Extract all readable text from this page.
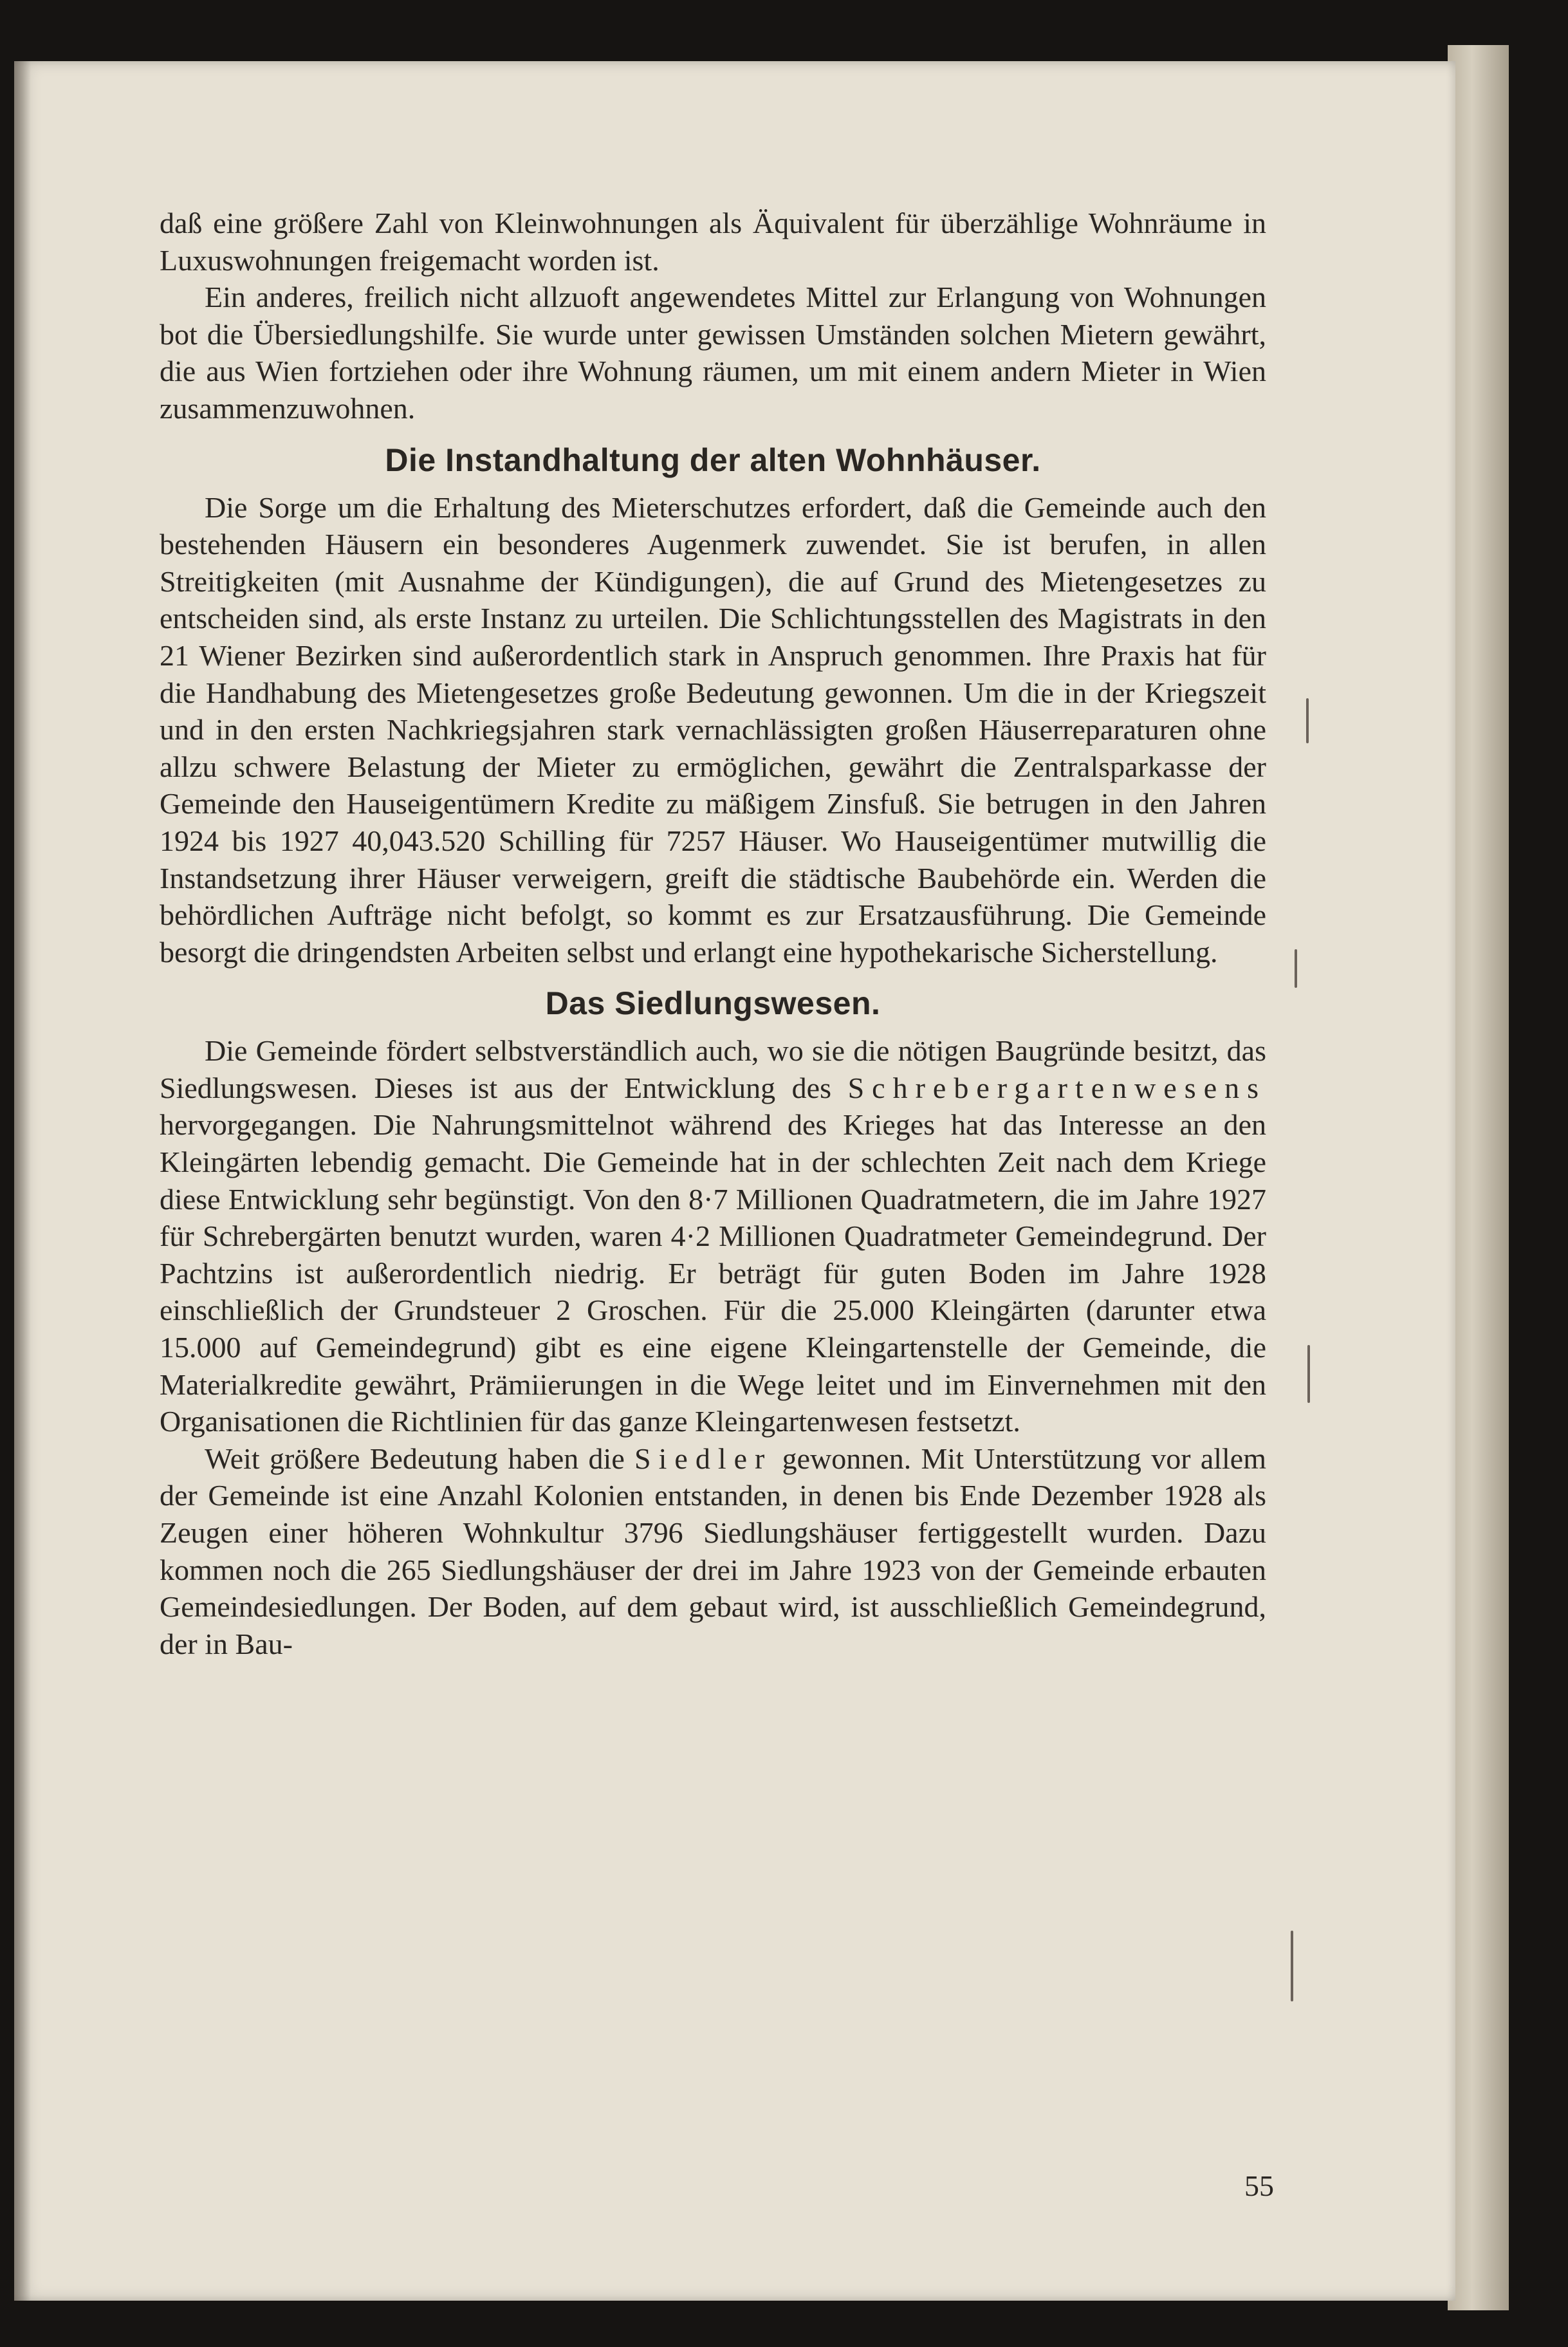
daß eine größere Zahl von Kleinwohnungen als Äquivalent für überzählige Wohnräume in Luxuswohnungen freigemacht worden ist.

Ein anderes, freilich nicht allzuoft angewendetes Mittel zur Erlangung von Wohnungen bot die Übersiedlungshilfe. Sie wurde unter gewissen Umständen solchen Mietern gewährt, die aus Wien fortziehen oder ihre Wohnung räumen, um mit einem andern Mieter in Wien zusammenzuwohnen.

Die Instandhaltung der alten Wohnhäuser.

Die Sorge um die Erhaltung des Mieterschutzes erfordert, daß die Gemeinde auch den bestehenden Häusern ein besonderes Augenmerk zuwendet. Sie ist berufen, in allen Streitigkeiten (mit Ausnahme der Kündigungen), die auf Grund des Mietengesetzes zu entscheiden sind, als erste Instanz zu urteilen. Die Schlichtungsstellen des Magistrats in den 21 Wiener Bezirken sind außerordentlich stark in Anspruch genommen. Ihre Praxis hat für die Handhabung des Mietengesetzes große Bedeutung gewonnen. Um die in der Kriegszeit und in den ersten Nachkriegsjahren stark vernachlässigten großen Häuserreparaturen ohne allzu schwere Belastung der Mieter zu ermöglichen, gewährt die Zentralsparkasse der Gemeinde den Hauseigentümern Kredite zu mäßigem Zinsfuß. Sie betrugen in den Jahren 1924 bis 1927 40,043.520 Schilling für 7257 Häuser. Wo Hauseigentümer mutwillig die Instandsetzung ihrer Häuser verweigern, greift die städtische Baubehörde ein. Werden die behördlichen Aufträge nicht befolgt, so kommt es zur Ersatzausführung. Die Gemeinde besorgt die dringendsten Arbeiten selbst und erlangt eine hypothekarische Sicherstellung.

Das Siedlungswesen.

Die Gemeinde fördert selbstverständlich auch, wo sie die nötigen Baugründe besitzt, das Siedlungswesen. Dieses ist aus der Entwicklung des Schrebergartenwesens hervorgegangen. Die Nahrungsmittelnot während des Krieges hat das Interesse an den Kleingärten lebendig gemacht. Die Gemeinde hat in der schlechten Zeit nach dem Kriege diese Entwicklung sehr begünstigt. Von den 8·7 Millionen Quadratmetern, die im Jahre 1927 für Schrebergärten benutzt wurden, waren 4·2 Millionen Quadratmeter Gemeindegrund. Der Pachtzins ist außerordentlich niedrig. Er beträgt für guten Boden im Jahre 1928 einschließlich der Grundsteuer 2 Groschen. Für die 25.000 Kleingärten (darunter etwa 15.000 auf Gemeindegrund) gibt es eine eigene Kleingartenstelle der Gemeinde, die Materialkredite gewährt, Prämiierungen in die Wege leitet und im Einvernehmen mit den Organisationen die Richtlinien für das ganze Kleingartenwesen festsetzt.

Weit größere Bedeutung haben die Siedler gewonnen. Mit Unterstützung vor allem der Gemeinde ist eine Anzahl Kolonien entstanden, in denen bis Ende Dezember 1928 als Zeugen einer höheren Wohnkultur 3796 Siedlungshäuser fertiggestellt wurden. Dazu kommen noch die 265 Siedlungshäuser der drei im Jahre 1923 von der Gemeinde erbauten Gemeindesiedlungen. Der Boden, auf dem gebaut wird, ist ausschließlich Gemeindegrund, der in Bau-

55
